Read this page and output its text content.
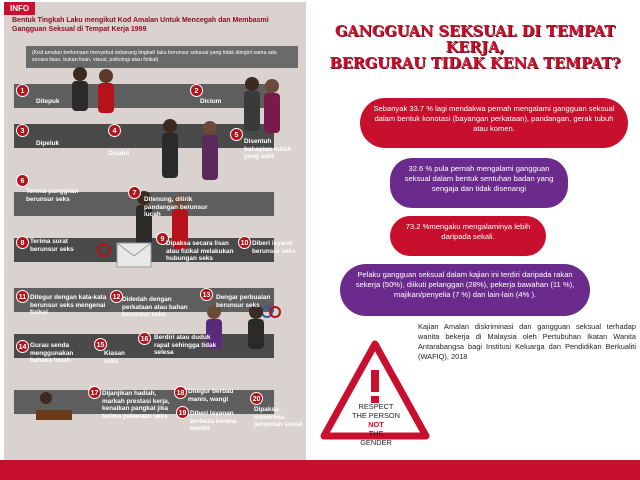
INFO
Bentuk Tingkah Laku mengikut Kod Amalan Untuk Mencegah dan Membasmi Gangguan Seksual di Tempat Kerja 1999
(Kod amalan berkenaan menyebut sebarang tingkah laku berunsur seksual yang tidak diingini sama ada secara lisan, bukan lisan, visual, psikologi atau fizikal)
1
Ditepuk
2
Dicium
3
Dipeluk
4
Dicabit
5
Disentuh bahagian tubuh yang sulit
6
Terima panggilan berunsur seks
7
Ditenung, dilirik pandangan berunsur lucah
8 Terima surat berunsur seks
9
Dipaksa secara lisan atau fizikal melakukan hubungan seks
10 Diberi isyarat berunsur seks
11 Ditegur dengan kata-kata berunsur seks mengenai fizikal
12 Didedah dengan perkataan atau bahan berunsur seks
13 Dengar perbualan berunsur seks
14 Gurau senda menggunakan bahasa lucah
15
Kiasan seks
16 Berdiri atau duduk rapat sehingga tidak selesa
17 Dijanjikan hadiah, markah prestasi kerja, kenaikan pangkat jika terima pelawaan seks
18 Ditegur berbau manis, wangi
19 Diberi layanan berbeza kerana wanita
20
Dipaksa menerima jemputan sosial
GANGGUAN SEKSUAL DI TEMPAT KERJA,
BERGURAU TIDAK KENA TEMPAT?
Sebanyak 33.7 % lagi mendakwa pernah mengalami gangguan seksual dalam bentuk konotasi (bayangan perkataan), pandangan, gerak tubuh atau komen.
32.6 % pula pernah mengalami gangguan seksual dalam bentuk sentuhan badan yang sengaja dan tidak disenangi
73.2 %mengaku mengalaminya lebih daripada sekali.
Pelaku gangguan seksual dalam kajian ini terdiri daripada rakan sekerja (50%), diikuti pelanggan (28%), pekerja bawahan (11 %), majikan/penyelia (7 %) dan lain-lain (4% ).
Kajian Amalan diskriminasi dan gangguan seksual terhadap wanita bekerja di Malaysia oleh Pertubuhan Ikatan Wanita Antarabangsa bagi Institusi Keluarga dan Pendidikan Berkualiti (WAFIQ), 2018
RESPECT
THE PERSON
NOT
THE
GENDER
